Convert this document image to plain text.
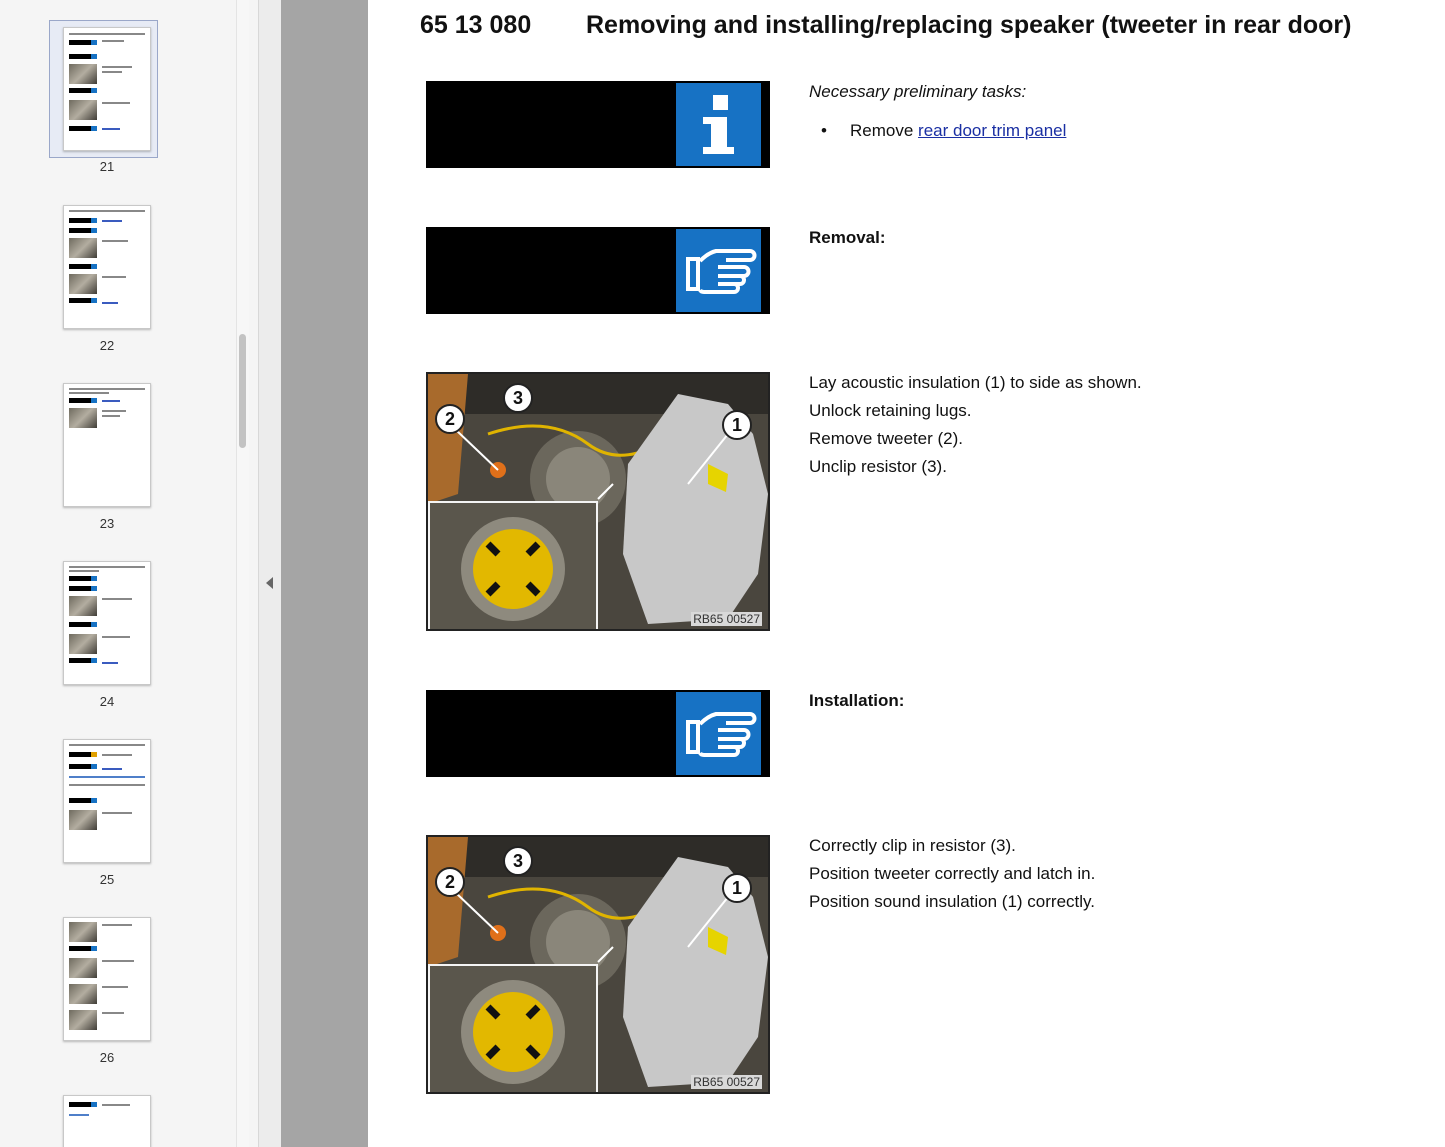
21
22
23
24
25
26
65 13 080 Removing and installing/replacing speaker (tweeter in rear door)
Necessary preliminary tasks:
• Remove rear door trim panel
Removal:
2
3
1
RB65 00527
Lay acoustic insulation (1) to side as shown.
Unlock retaining lugs.
Remove tweeter (2).
Unclip resistor (3).
Installation:
2
3
1
RB65 00527
Correctly clip in resistor (3).
Position tweeter correctly and latch in.
Position sound insulation (1) correctly.
